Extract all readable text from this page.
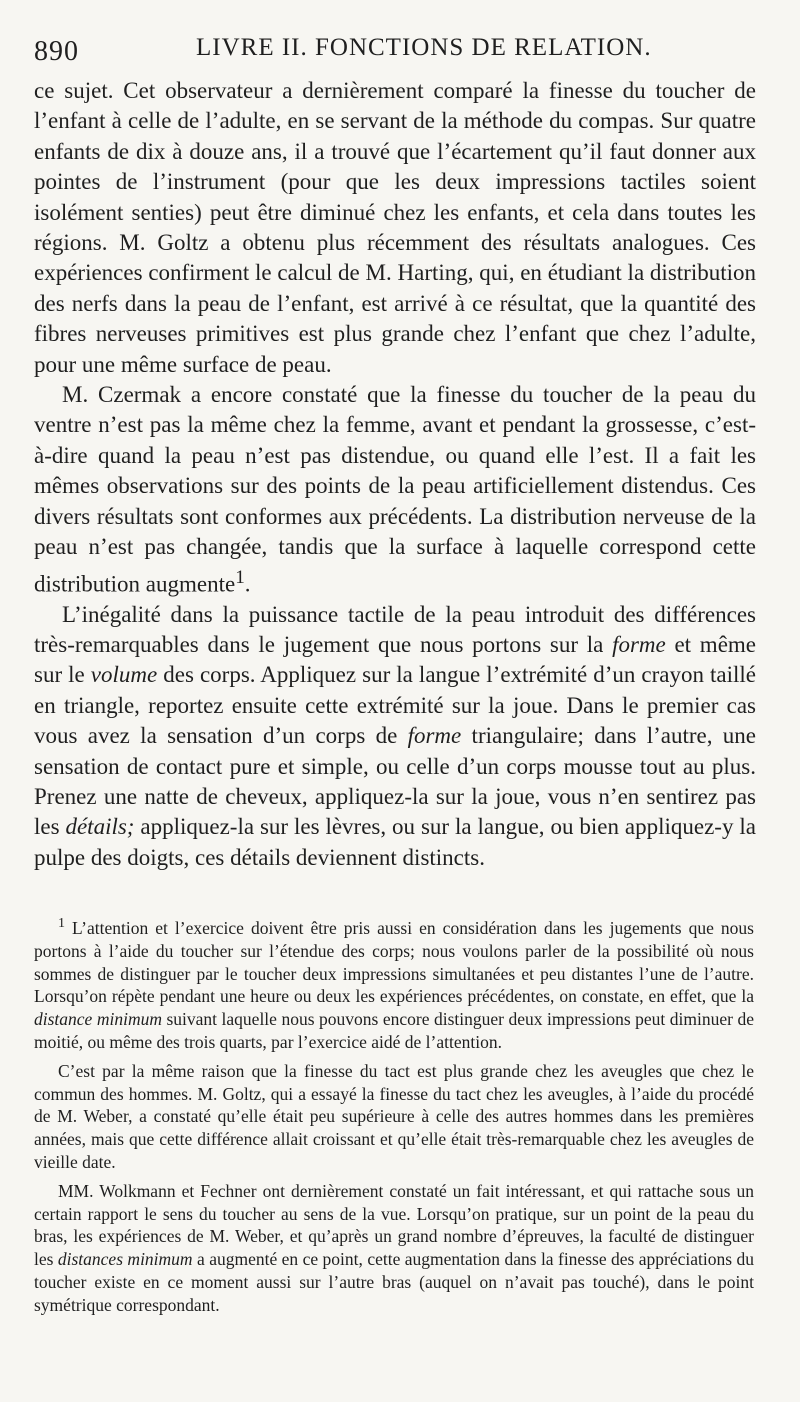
890	LIVRE II. FONCTIONS DE RELATION.

ce sujet. Cet observateur a dernièrement comparé la finesse du toucher de l’enfant à celle de l’adulte, en se servant de la méthode du compas. Sur quatre enfants de dix à douze ans, il a trouvé que l’écartement qu’il faut donner aux pointes de l’instrument (pour que les deux impressions tactiles soient isolément senties) peut être diminué chez les enfants, et cela dans toutes les régions. M. Goltz a obtenu plus récemment des résultats analogues. Ces expériences confirment le calcul de M. Harting, qui, en étudiant la distribution des nerfs dans la peau de l’enfant, est arrivé à ce résultat, que la quantité des fibres nerveuses primitives est plus grande chez l’enfant que chez l’adulte, pour une même surface de peau.

M. Czermak a encore constaté que la finesse du toucher de la peau du ventre n’est pas la même chez la femme, avant et pendant la grossesse, c’est-à-dire quand la peau n’est pas distendue, ou quand elle l’est. Il a fait les mêmes observations sur des points de la peau artificiellement distendus. Ces divers résultats sont conformes aux précédents. La distribution nerveuse de la peau n’est pas changée, tandis que la surface à laquelle correspond cette distribution augmente$^1$.

L’inégalité dans la puissance tactile de la peau introduit des différences très-remarquables dans le jugement que nous portons sur la forme et même sur le volume des corps. Appliquez sur la langue l’extrémité d’un crayon taillé en triangle, reportez ensuite cette extrémité sur la joue. Dans le premier cas vous avez la sensation d’un corps de forme triangulaire; dans l’autre, une sensation de contact pure et simple, ou celle d’un corps mousse tout au plus. Prenez une natte de cheveux, appliquez-la sur la joue, vous n’en sentirez pas les détails; appliquez-la sur les lèvres, ou sur la langue, ou bien appliquez-y la pulpe des doigts, ces détails deviennent distincts.

$^1$ L’attention et l’exercice doivent être pris aussi en considération dans les jugements que nous portons à l’aide du toucher sur l’étendue des corps; nous voulons parler de la possibilité où nous sommes de distinguer par le toucher deux impressions simultanées et peu distantes l’une de l’autre. Lorsqu’on répète pendant une heure ou deux les expériences précédentes, on constate, en effet, que la distance minimum suivant laquelle nous pouvons encore distinguer deux impressions peut diminuer de moitié, ou même des trois quarts, par l’exercice aidé de l’attention.

C’est par la même raison que la finesse du tact est plus grande chez les aveugles que chez le commun des hommes. M. Goltz, qui a essayé la finesse du tact chez les aveugles, à l’aide du procédé de M. Weber, a constaté qu’elle était peu supérieure à celle des autres hommes dans les premières années, mais que cette différence allait croissant et qu’elle était très-remarquable chez les aveugles de vieille date.

MM. Wolkmann et Fechner ont dernièrement constaté un fait intéressant, et qui rattache sous un certain rapport le sens du toucher au sens de la vue. Lorsqu’on pratique, sur un point de la peau du bras, les expériences de M. Weber, et qu’après un grand nombre d’épreuves, la faculté de distinguer les distances minimum a augmenté en ce point, cette augmentation dans la finesse des appréciations du toucher existe en ce moment aussi sur l’autre bras (auquel on n’avait pas touché), dans le point symétrique correspondant.
